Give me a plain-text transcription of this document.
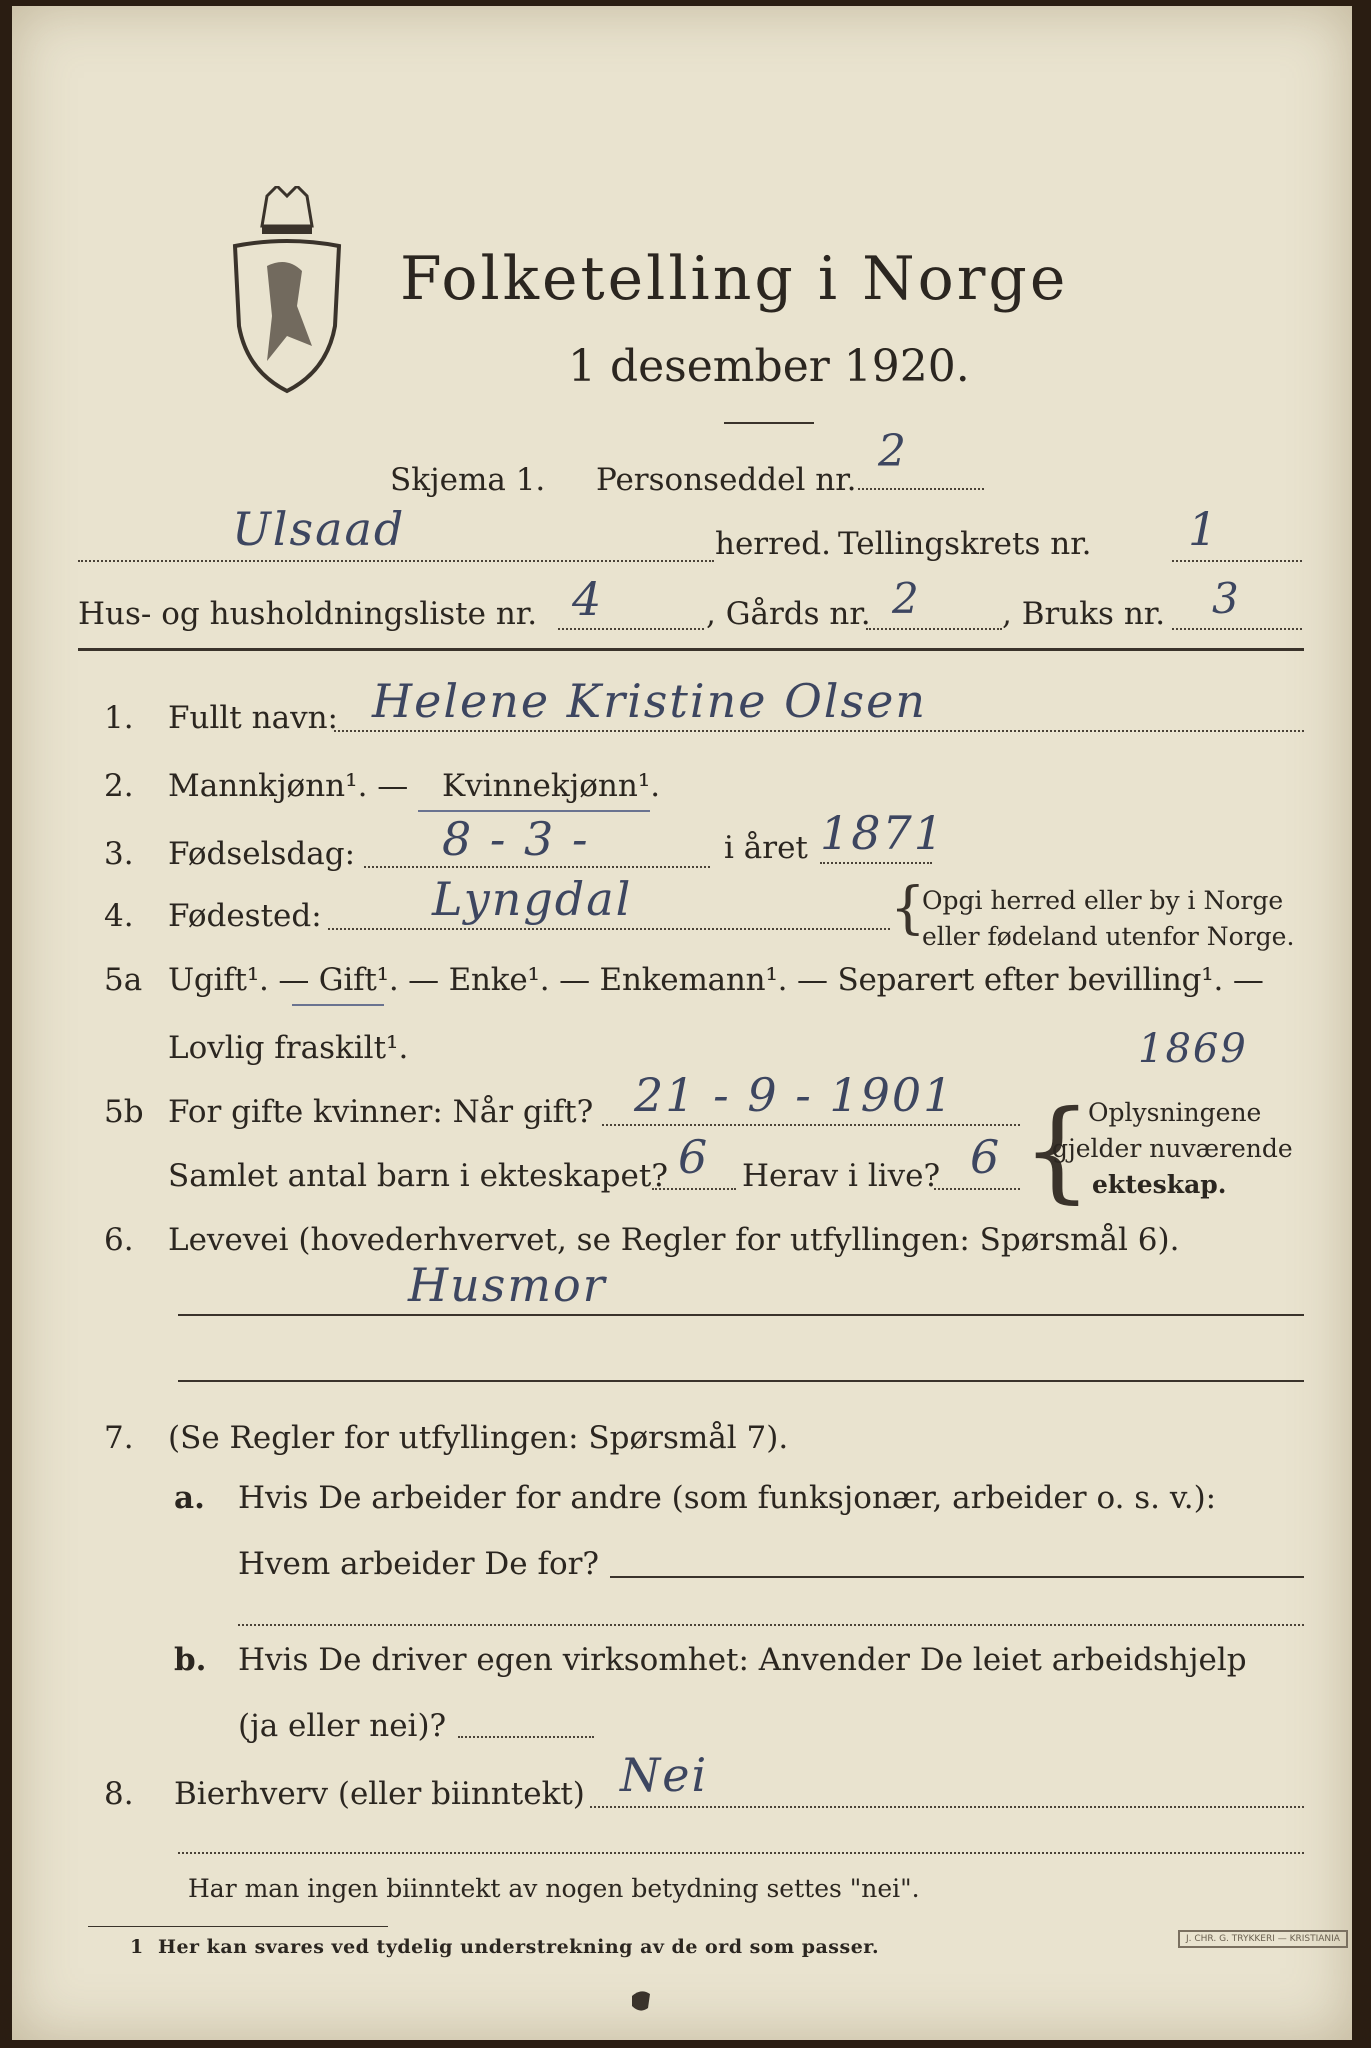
Folketelling i Norge
1 desember 1920.
Skjema 1. Personseddel nr.
2
Ulsaad	herred. Tellingskrets nr. 1
Hus- og husholdningsliste nr. 4	, Gårds nr. 2	, Bruks nr. 3
1. Fullt navn: Helene Kristine Olsen
2. Mannkjønn¹. — Kvinnekjønn¹.
3. Fødselsdag: 8 - 3 -	i året 1871
4. Fødested: Lyngdal	{
Opgi herred eller by i Norge
eller fødeland utenfor Norge.
5a Ugift¹. — Gift¹. — Enke¹. — Enkemann¹. — Separert efter bevilling¹. —
Lovlig fraskilt¹.
5b For gifte kvinner: Når gift? 21 - 9 - 1901
1869
Samlet antal barn i ekteskapet? 6 Herav i live? 6 {
Oplysningene
gjelder nuværende
ekteskap.
6. Levevei (hovederhvervet, se Regler for utfyllingen: Spørsmål 6).
Husmor
7. (Se Regler for utfyllingen: Spørsmål 7).
a. Hvis De arbeider for andre (som funksjonær, arbeider o. s. v.):
Hvem arbeider De for?
b. Hvis De driver egen virksomhet: Anvender De leiet arbeidshjelp
(ja eller nei)?
8. Bierhverv (eller biinntekt) Nei
Har man ingen biinntekt av nogen betydning settes "nei".
1 Her kan svares ved tydelig understrekning av de ord som passer.	J. CHR. G. TRYKKERI — KRISTIANIA
